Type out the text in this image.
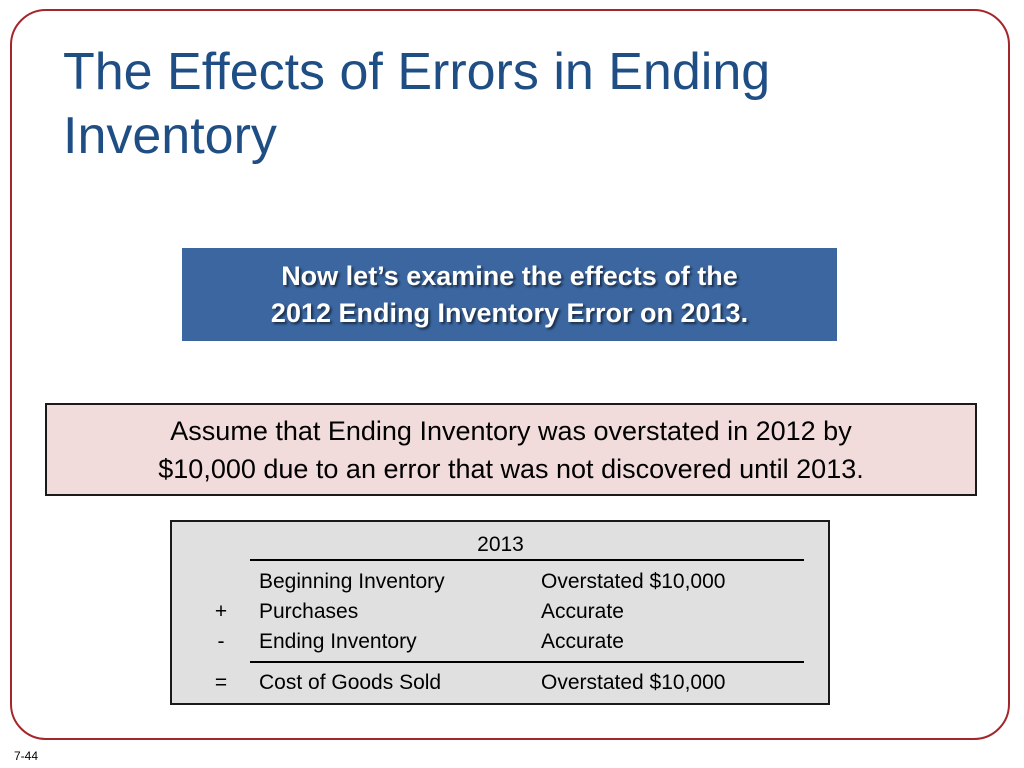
The Effects of Errors in Ending Inventory
Now let’s examine the effects of the
2012 Ending Inventory Error on 2013.
Assume that Ending Inventory was overstated in 2012 by
$10,000 due to an error that was not discovered until 2013.
2013
Beginning Inventory	Overstated $10,000
+	Purchases	Accurate
-	Ending Inventory	Accurate
=	Cost of Goods Sold	Overstated $10,000
7-44
